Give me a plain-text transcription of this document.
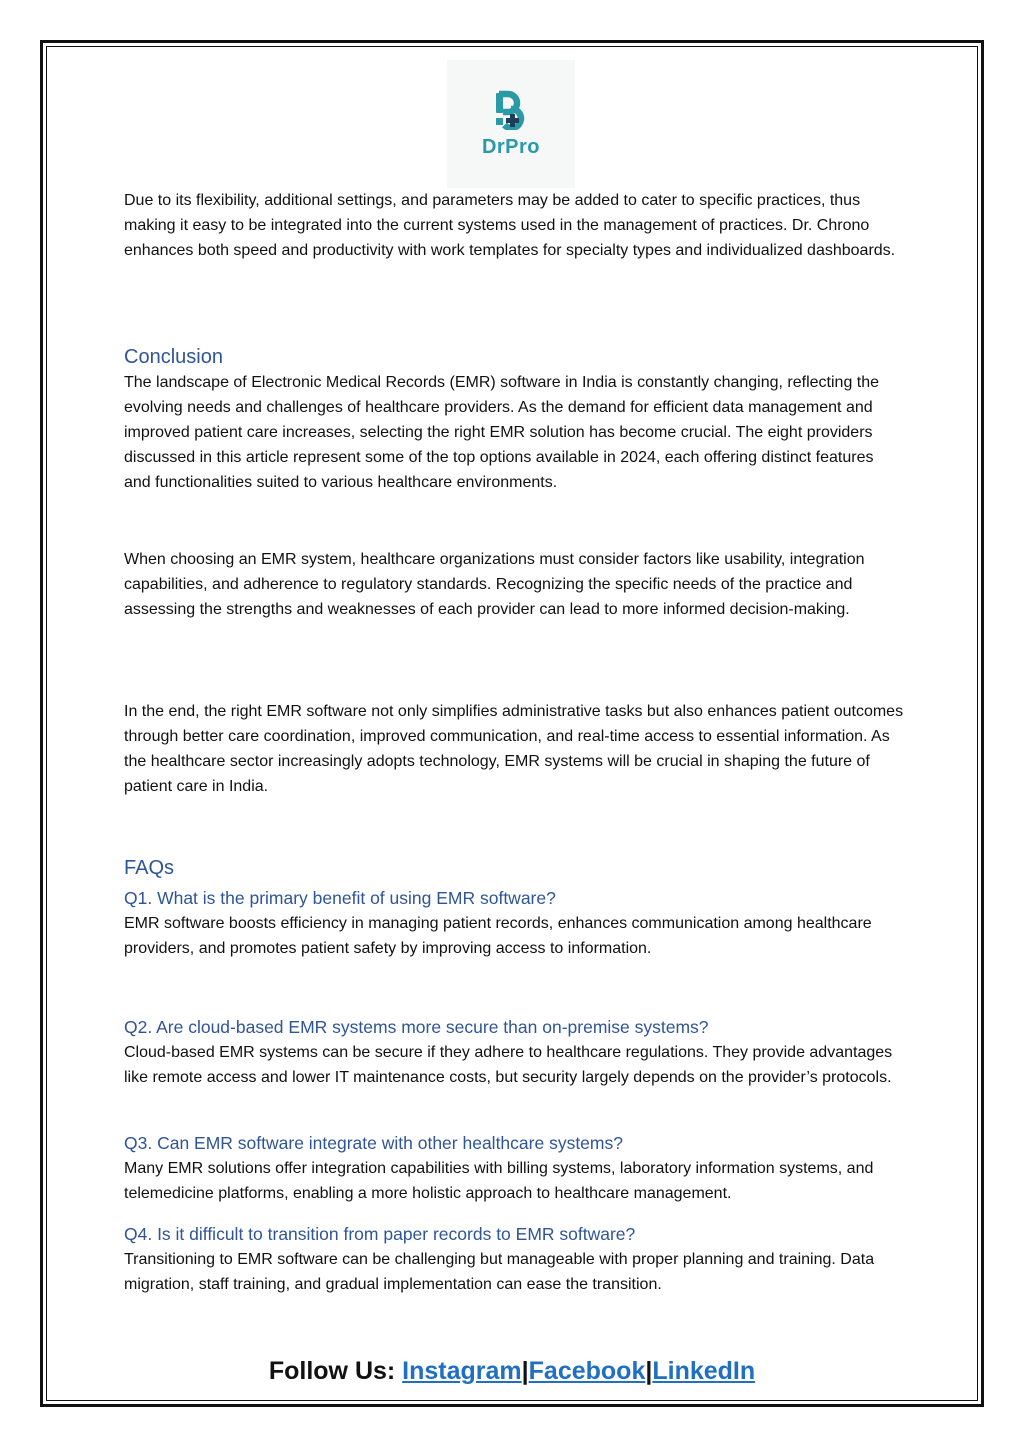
DrPro

Due to its flexibility, additional settings, and parameters may be added to cater to specific practices, thus making it easy to be integrated into the current systems used in the management of practices. Dr. Chrono enhances both speed and productivity with work templates for specialty types and individualized dashboards.

Conclusion

The landscape of Electronic Medical Records (EMR) software in India is constantly changing, reflecting the evolving needs and challenges of healthcare providers. As the demand for efficient data management and improved patient care increases, selecting the right EMR solution has become crucial. The eight providers discussed in this article represent some of the top options available in 2024, each offering distinct features and functionalities suited to various healthcare environments.

When choosing an EMR system, healthcare organizations must consider factors like usability, integration capabilities, and adherence to regulatory standards. Recognizing the specific needs of the practice and assessing the strengths and weaknesses of each provider can lead to more informed decision-making.

In the end, the right EMR software not only simplifies administrative tasks but also enhances patient outcomes through better care coordination, improved communication, and real-time access to essential information. As the healthcare sector increasingly adopts technology, EMR systems will be crucial in shaping the future of patient care in India.

FAQs
Q1. What is the primary benefit of using EMR software?

EMR software boosts efficiency in managing patient records, enhances communication among healthcare providers, and promotes patient safety by improving access to information.

Q2. Are cloud-based EMR systems more secure than on-premise systems?

Cloud-based EMR systems can be secure if they adhere to healthcare regulations. They provide advantages like remote access and lower IT maintenance costs, but security largely depends on the provider’s protocols.

Q3. Can EMR software integrate with other healthcare systems?

Many EMR solutions offer integration capabilities with billing systems, laboratory information systems, and telemedicine platforms, enabling a more holistic approach to healthcare management.

Q4. Is it difficult to transition from paper records to EMR software?

Transitioning to EMR software can be challenging but manageable with proper planning and training. Data migration, staff training, and gradual implementation can ease the transition.

Follow Us: Instagram|Facebook|LinkedIn
